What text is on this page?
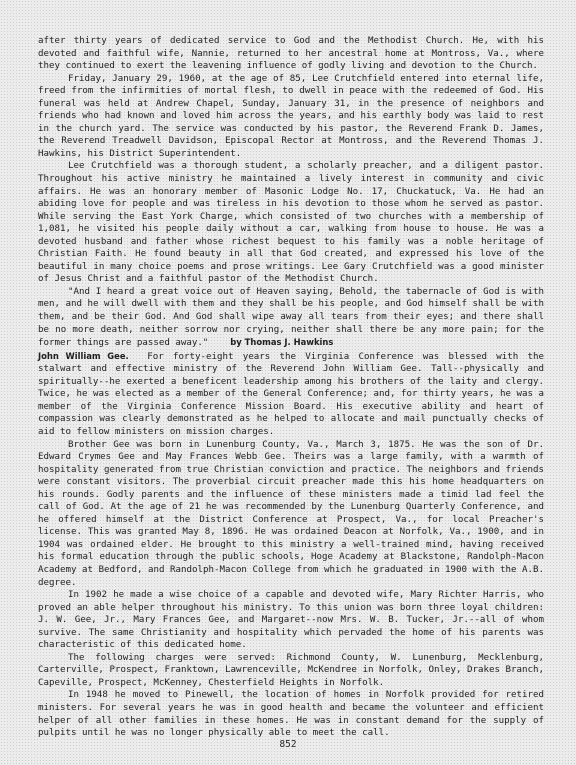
after thirty years of dedicated service to God and the Methodist Church. He, with his devoted and faithful wife, Nannie, returned to her ancestral home at Montross, Va., where they continued to exert the leavening influence of godly living and devotion to the Church.

Friday, January 29, 1960, at the age of 85, Lee Crutchfield entered into eternal life, freed from the infirmities of mortal flesh, to dwell in peace with the redeemed of God. His funeral was held at Andrew Chapel, Sunday, January 31, in the presence of neighbors and friends who had known and loved him across the years, and his earthly body was laid to rest in the church yard. The service was conducted by his pastor, the Reverend Frank D. James, the Reverend Treadwell Davidson, Episcopal Rector at Montross, and the Reverend Thomas J. Hawkins, his District Superintendent.

Lee Crutchfield was a thorough student, a scholarly preacher, and a diligent pastor. Throughout his active ministry he maintained a lively interest in community and civic affairs. He was an honorary member of Masonic Lodge No. 17, Chuckatuck, Va. He had an abiding love for people and was tireless in his devotion to those whom he served as pastor. While serving the East York Charge, which consisted of two churches with a membership of 1,081, he visited his people daily without a car, walking from house to house. He was a devoted husband and father whose richest bequest to his family was a noble heritage of Christian Faith. He found beauty in all that God created, and expressed his love of the beautiful in many choice poems and prose writings. Lee Gary Crutchfield was a good minister of Jesus Christ and a faithful pastor of the Methodist Church.

"And I heard a great voice out of Heaven saying, Behold, the tabernacle of God is with men, and he will dwell with them and they shall be his people, and God himself shall be with them, and be their God. And God shall wipe away all tears from their eyes; and there shall be no more death, neither sorrow nor crying, neither shall there be any more pain; for the former things are passed away."	by Thomas J. Hawkins
John William Gee. For forty-eight years the Virginia Conference was blessed with the stalwart and effective ministry of the Reverend John William Gee. Tall--physically and spiritually--he exerted a beneficent leadership among his brothers of the laity and clergy. Twice, he was elected as a member of the General Conference; and, for thirty years, he was a member of the Virginia Conference Mission Board. His executive ability and heart of compassion was clearly demonstrated as he helped to allocate and mail punctually checks of aid to fellow ministers on mission charges.

Brother Gee was born in Lunenburg County, Va., March 3, 1875. He was the son of Dr. Edward Crymes Gee and May Frances Webb Gee. Theirs was a large family, with a warmth of hospitality generated from true Christian conviction and practice. The neighbors and friends were constant visitors. The proverbial circuit preacher made this his home headquarters on his rounds. Godly parents and the influence of these ministers made a timid lad feel the call of God. At the age of 21 he was recommended by the Lunenburg Quarterly Conference, and he offered himself at the District Conference at Prospect, Va., for local Preacher's license. This was granted May 8, 1896. He was ordained Deacon at Norfolk, Va., 1900, and in 1904 was ordained elder. He brought to this ministry a well-trained mind, having received his formal education through the public schools, Hoge Academy at Blackstone, Randolph-Macon Academy at Bedford, and Randolph-Macon College from which he graduated in 1900 with the A.B. degree.

In 1902 he made a wise choice of a capable and devoted wife, Mary Richter Harris, who proved an able helper throughout his ministry. To this union was born three loyal children: J. W. Gee, Jr., Mary Frances Gee, and Margaret--now Mrs. W. B. Tucker, Jr.--all of whom survive. The same Christianity and hospitality which pervaded the home of his parents was characteristic of this dedicated home.

The following charges were served: Richmond County, W. Lunenburg, Mecklenburg, Carterville, Prospect, Franktown, Lawrenceville, McKendree in Norfolk, Onley, Drakes Branch, Capeville, Prospect, McKenney, Chesterfield Heights in Norfolk.

In 1948 he moved to Pinewell, the location of homes in Norfolk provided for retired ministers. For several years he was in good health and became the volunteer and efficient helper of all other families in these homes. He was in constant demand for the supply of pulpits until he was no longer physically able to meet the call.

852
